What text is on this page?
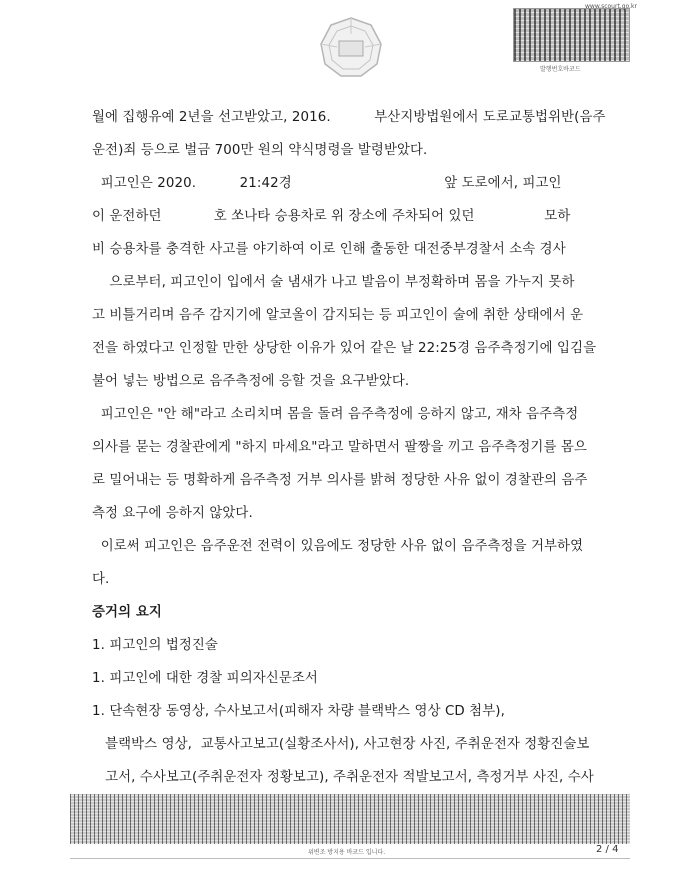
www.scourt.go.kr
발행번호바코드
월에 집행유예 2년을 선고받았고, 2016.          부산지방법원에서 도로교통법위반(음주
운전)죄 등으로 벌금 700만 원의 약식명령을 발령받았다.
피고인은 2020.          21:42경                                   앞 도로에서, 피고인
이 운전하던            호 쏘나타 승용차로 위 장소에 주차되어 있던                모하
비 승용차를 충격한 사고를 야기하여 이로 인해 출동한 대전중부경찰서 소속 경사
으로부터, 피고인이 입에서 술 냄새가 나고 발음이 부정확하며 몸을 가누지 못하
고 비틀거리며 음주 감지기에 알코올이 감지되는 등 피고인이 술에 취한 상태에서 운
전을 하였다고 인정할 만한 상당한 이유가 있어 같은 날 22:25경 음주측정기에 입김을
불어 넣는 방법으로 음주측정에 응할 것을 요구받았다.
피고인은 "안 해"라고 소리치며 몸을 돌려 음주측정에 응하지 않고, 재차 음주측정
의사를 묻는 경찰관에게 "하지 마세요"라고 말하면서 팔짱을 끼고 음주측정기를 몸으
로 밀어내는 등 명확하게 음주측정 거부 의사를 밝혀 정당한 사유 없이 경찰관의 음주
측정 요구에 응하지 않았다.
이로써 피고인은 음주운전 전력이 있음에도 정당한 사유 없이 음주측정을 거부하였
다.
증거의 요지
1. 피고인의 법정진술
1. 피고인에 대한 경찰 피의자신문조서
1. 단속현장 동영상, 수사보고서(피해자 차량 블랙박스 영상 CD 첨부),
블랙박스 영상,  교통사고보고(실황조사서), 사고현장 사진, 주취운전자 정황진술보
고서, 수사보고(주취운전자 정황보고), 주취운전자 적발보고서, 측정거부 사진, 수사
위변조 방지용 바코드 입니다.	2 / 4
